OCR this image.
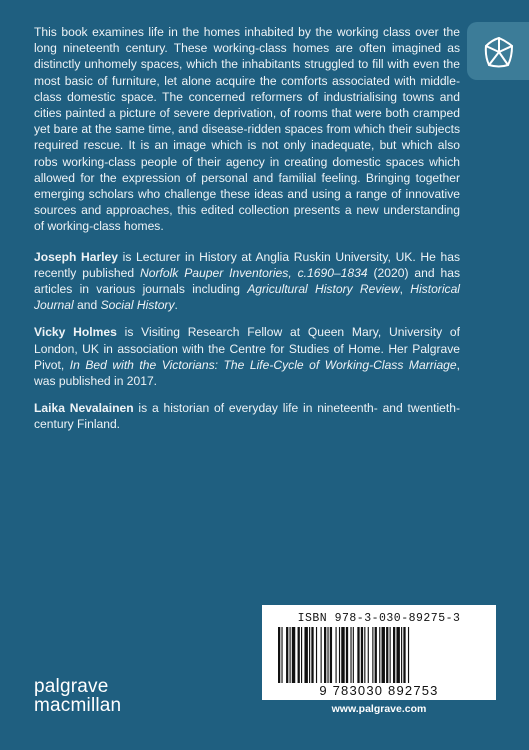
This book examines life in the homes inhabited by the working class over the long nineteenth century. These working-class homes are often imagined as distinctly unhomely spaces, which the inhabitants struggled to fill with even the most basic of furniture, let alone acquire the comforts associated with middle-class domestic space. The concerned reformers of industrialising towns and cities painted a picture of severe deprivation, of rooms that were both cramped yet bare at the same time, and disease-ridden spaces from which their subjects required rescue. It is an image which is not only inadequate, but which also robs working-class people of their agency in creating domestic spaces which allowed for the expression of personal and familial feeling. Bringing together emerging scholars who challenge these ideas and using a range of innovative sources and approaches, this edited collection presents a new understanding of working-class homes.

Joseph Harley is Lecturer in History at Anglia Ruskin University, UK. He has recently published Norfolk Pauper Inventories, c.1690–1834 (2020) and has articles in various journals including Agricultural History Review, Historical Journal and Social History.

Vicky Holmes is Visiting Research Fellow at Queen Mary, University of London, UK in association with the Centre for Studies of Home. Her Palgrave Pivot, In Bed with the Victorians: The Life-Cycle of Working-Class Marriage, was published in 2017.

Laika Nevalainen is a historian of everyday life in nineteenth- and twentieth-century Finland.

ISBN 978-3-030-89275-3
9 783030 892753
www.palgrave.com
palgrave
macmillan
